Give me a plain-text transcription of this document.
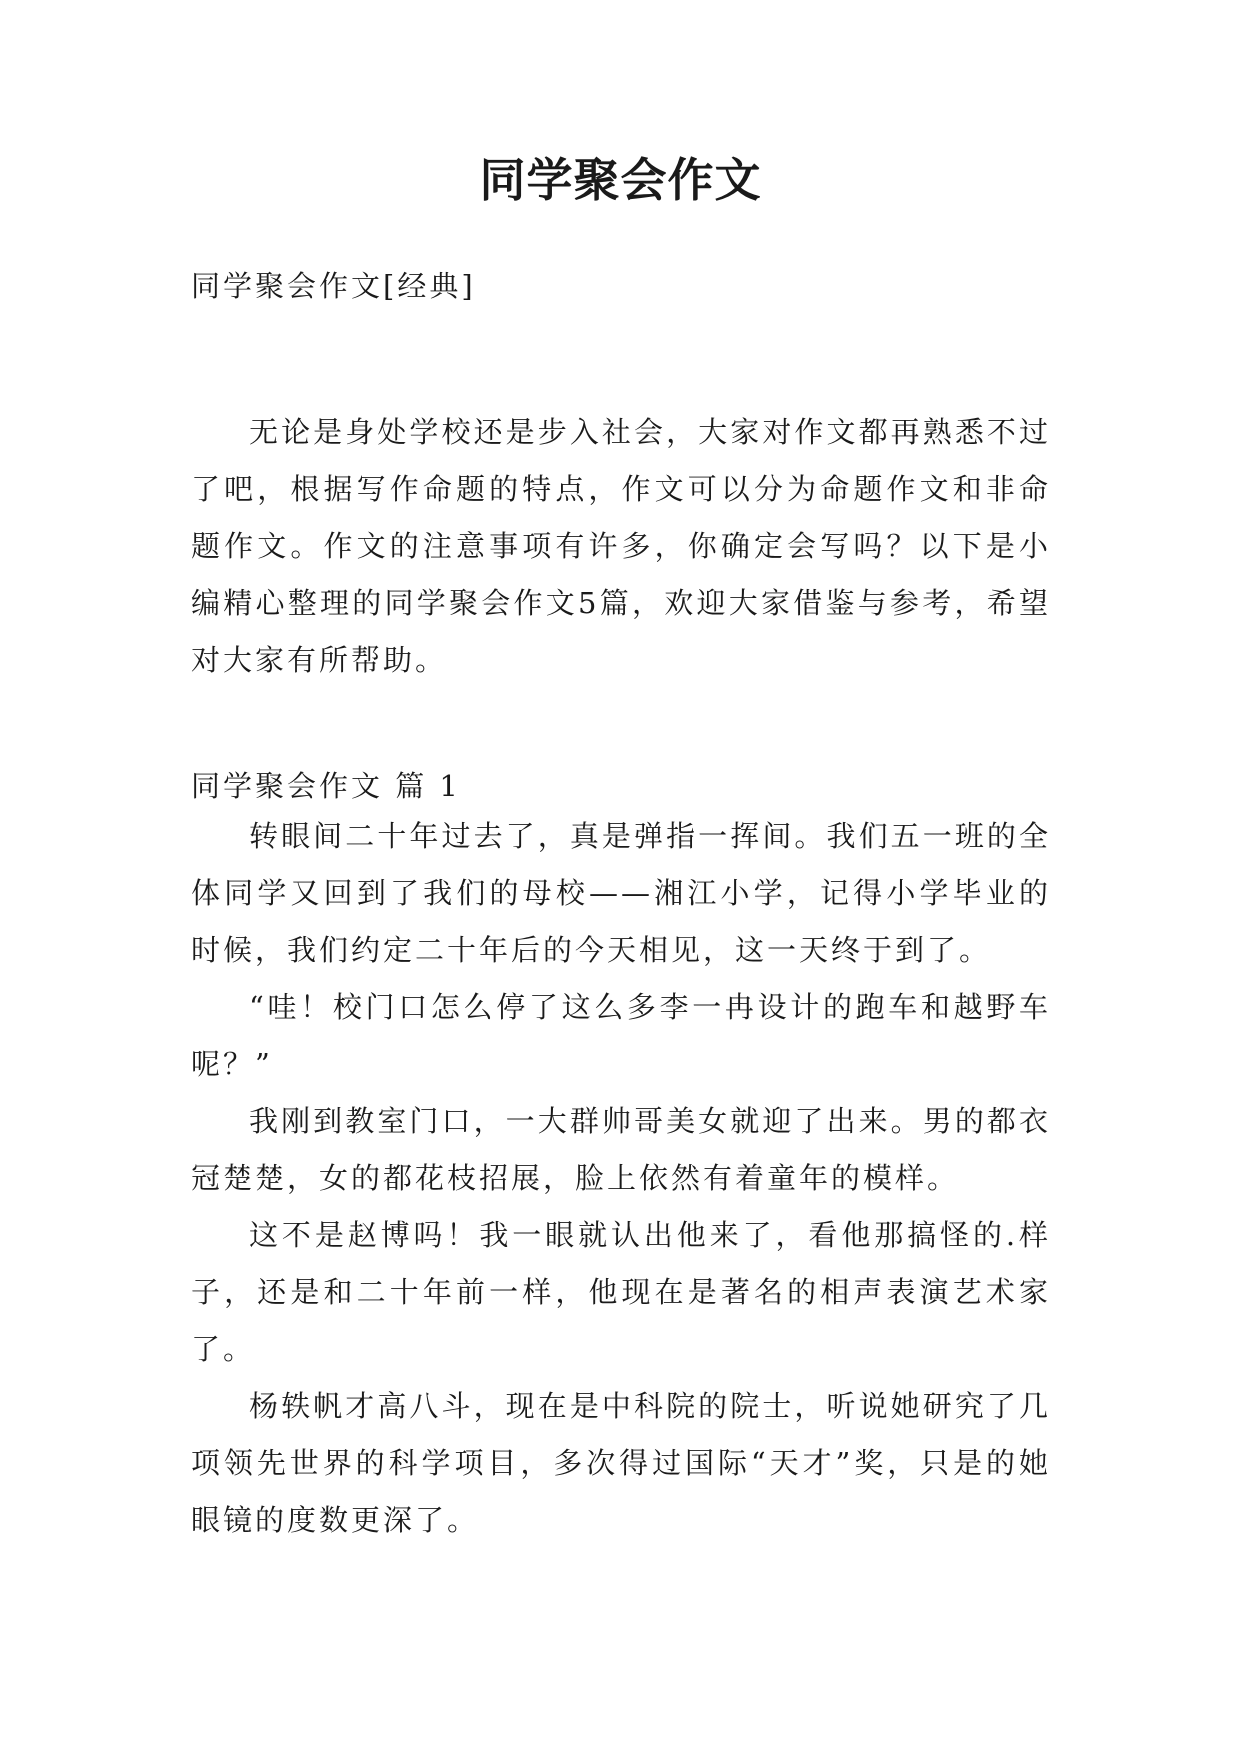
同学聚会作文
同学聚会作文[经典]

无论是身处学校还是步入社会，大家对作文都再熟悉不过了吧，根据写作命题的特点，作文可以分为命题作文和非命题作文。作文的注意事项有许多，你确定会写吗？以下是小编精心整理的同学聚会作文5篇，欢迎大家借鉴与参考，希望对大家有所帮助。

同学聚会作文 篇 1

转眼间二十年过去了，真是弹指一挥间。我们五一班的全体同学又回到了我们的母校——湘江小学，记得小学毕业的时候，我们约定二十年后的今天相见，这一天终于到了。

“哇！校门口怎么停了这么多李一冉设计的跑车和越野车呢？”

我刚到教室门口，一大群帅哥美女就迎了出来。男的都衣冠楚楚，女的都花枝招展，脸上依然有着童年的模样。

这不是赵博吗！我一眼就认出他来了，看他那搞怪的.样子，还是和二十年前一样，他现在是著名的相声表演艺术家了。

杨轶帆才高八斗，现在是中科院的院士，听说她研究了几项领先世界的科学项目，多次得过国际“天才”奖，只是的她眼镜的度数更深了。
